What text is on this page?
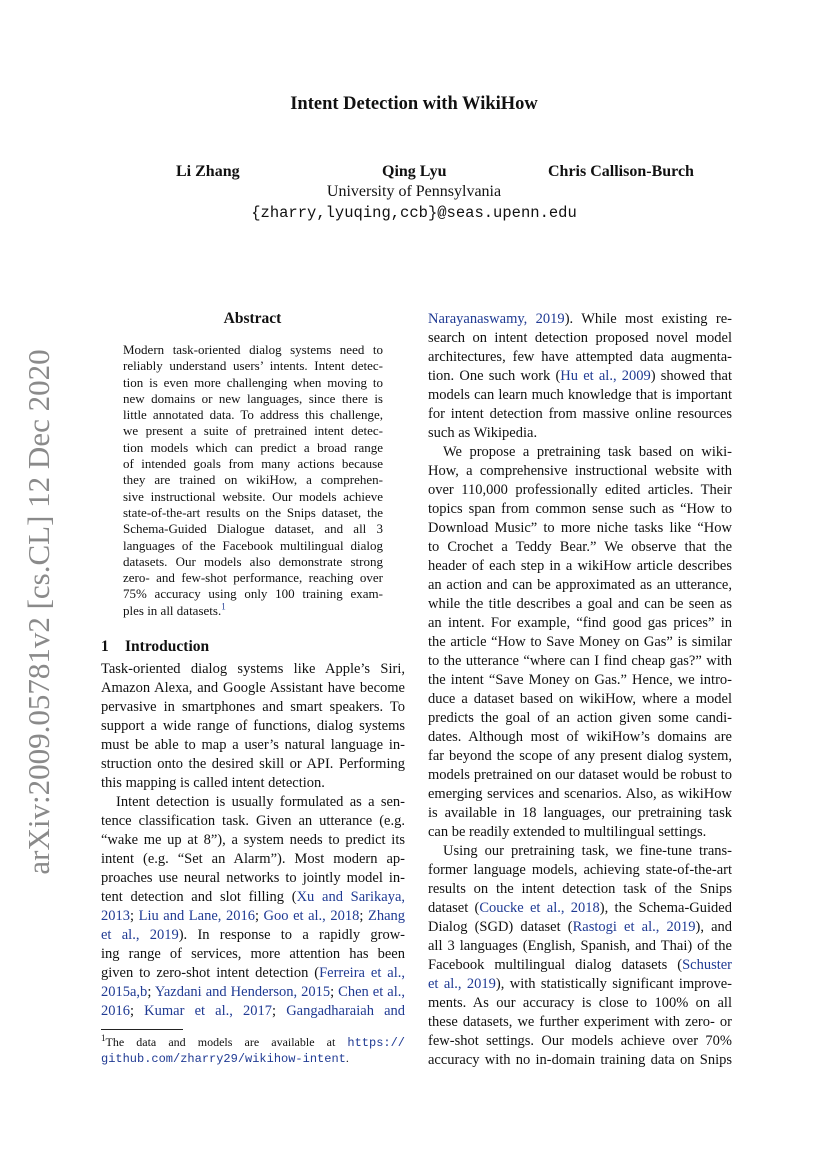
arXiv:2009.05781v2 [cs.CL] 12 Dec 2020
Intent Detection with WikiHow
Li Zhang	Qing Lyu	Chris Callison-Burch
University of Pennsylvania
{zharry,lyuqing,ccb}@seas.upenn.edu
Abstract
Modern task-oriented dialog systems need to
reliably understand users’ intents. Intent detec-
tion is even more challenging when moving to
new domains or new languages, since there is
little annotated data. To address this challenge,
we present a suite of pretrained intent detec-
tion models which can predict a broad range
of intended goals from many actions because
they are trained on wikiHow, a comprehen-
sive instructional website. Our models achieve
state-of-the-art results on the Snips dataset, the
Schema-Guided Dialogue dataset, and all 3
languages of the Facebook multilingual dialog
datasets. Our models also demonstrate strong
zero- and few-shot performance, reaching over
75% accuracy using only 100 training exam-
ples in all datasets.$^1$
1 Introduction
Task-oriented dialog systems like Apple’s Siri,
Amazon Alexa, and Google Assistant have become
pervasive in smartphones and smart speakers. To
support a wide range of functions, dialog systems
must be able to map a user’s natural language in-
struction onto the desired skill or API. Performing
this mapping is called intent detection.
Intent detection is usually formulated as a sen-
tence classification task. Given an utterance (e.g.
“wake me up at 8”), a system needs to predict its
intent (e.g. “Set an Alarm”). Most modern ap-
proaches use neural networks to jointly model in-
tent detection and slot filling (Xu and Sarikaya,
2013; Liu and Lane, 2016; Goo et al., 2018; Zhang
et al., 2019). In response to a rapidly grow-
ing range of services, more attention has been
given to zero-shot intent detection (Ferreira et al.,
2015a,b; Yazdani and Henderson, 2015; Chen et al.,
2016; Kumar et al., 2017; Gangadharaiah and
$^1$The data and models are available at https://
github.com/zharry29/wikihow-intent.
Narayanaswamy, 2019). While most existing re-
search on intent detection proposed novel model
architectures, few have attempted data augmenta-
tion. One such work (Hu et al., 2009) showed that
models can learn much knowledge that is important
for intent detection from massive online resources
such as Wikipedia.
We propose a pretraining task based on wiki-
How, a comprehensive instructional website with
over 110,000 professionally edited articles. Their
topics span from common sense such as “How to
Download Music” to more niche tasks like “How
to Crochet a Teddy Bear.” We observe that the
header of each step in a wikiHow article describes
an action and can be approximated as an utterance,
while the title describes a goal and can be seen as
an intent. For example, “find good gas prices” in
the article “How to Save Money on Gas” is similar
to the utterance “where can I find cheap gas?” with
the intent “Save Money on Gas.” Hence, we intro-
duce a dataset based on wikiHow, where a model
predicts the goal of an action given some candi-
dates. Although most of wikiHow’s domains are
far beyond the scope of any present dialog system,
models pretrained on our dataset would be robust to
emerging services and scenarios. Also, as wikiHow
is available in 18 languages, our pretraining task
can be readily extended to multilingual settings.
Using our pretraining task, we fine-tune trans-
former language models, achieving state-of-the-art
results on the intent detection task of the Snips
dataset (Coucke et al., 2018), the Schema-Guided
Dialog (SGD) dataset (Rastogi et al., 2019), and
all 3 languages (English, Spanish, and Thai) of the
Facebook multilingual dialog datasets (Schuster
et al., 2019), with statistically significant improve-
ments. As our accuracy is close to 100% on all
these datasets, we further experiment with zero- or
few-shot settings. Our models achieve over 70%
accuracy with no in-domain training data on Snips
